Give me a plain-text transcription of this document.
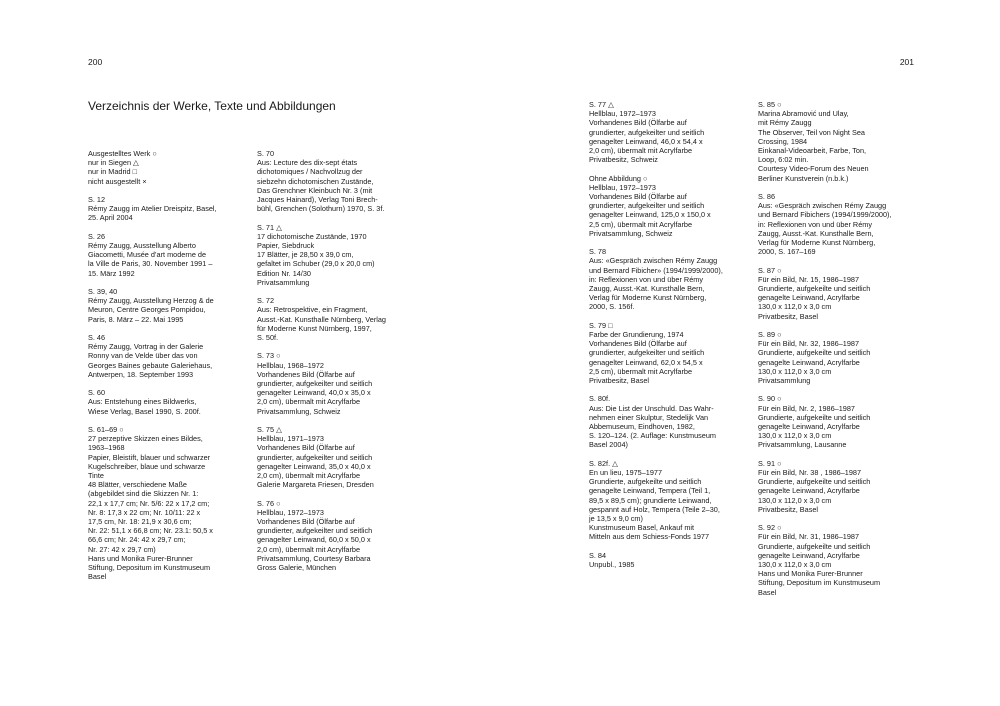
200	201
Verzeichnis der Werke, Texte und Abbildungen
Ausgestelltes Werk ○
nur in Siegen △
nur in Madrid □
nicht ausgestellt ×
S. 12
Rémy Zaugg im Atelier Dreispitz, Basel,
25. April 2004
S. 26
Rémy Zaugg, Ausstellung Alberto
Giacometti, Musée d’art moderne de
la Ville de Paris, 30. November 1991 –
15. März 1992
S. 39, 40
Rémy Zaugg, Ausstellung Herzog & de
Meuron, Centre Georges Pompidou,
Paris, 8. März – 22. Mai 1995
S. 46
Rémy Zaugg, Vortrag in der Galerie
Ronny van de Velde über das von
Georges Baines gebaute Galeriehaus,
Antwerpen, 18. September 1993
S. 60
Aus: Entstehung eines Bildwerks,
Wiese Verlag, Basel 1990, S. 200f.
S. 61–69 ○
27 perzeptive Skizzen eines Bildes,
1963–1968
Papier, Bleistift, blauer und schwarzer
Kugelschreiber, blaue und schwarze
Tinte
48 Blätter, verschiedene Maße
(abgebildet sind die Skizzen Nr. 1:
22,1 x 17,7 cm; Nr. 5/6: 22 x 17,2 cm;
Nr. 8: 17,3 x 22 cm; Nr. 10/11: 22 x
17,5 cm, Nr. 18: 21,9 x 30,6 cm;
Nr. 22: 51,1 x 66,8 cm; Nr. 23.1: 50,5 x
66,6 cm; Nr. 24: 42 x 29,7 cm;
Nr. 27: 42 x 29,7 cm)
Hans und Monika Furer-Brunner
Stiftung, Depositum im Kunstmuseum
Basel
S. 70
Aus: Lecture des dix-sept états
dichotomiques / Nachvollzug der
siebzehn dichotomischen Zustände,
Das Grenchner Kleinbuch Nr. 3 (mit
Jacques Hainard), Verlag Toni Brech-
bühl, Grenchen (Solothurn) 1970, S. 3f.
S. 71 △
17 dichotomische Zustände, 1970
Papier, Siebdruck
17 Blätter, je 28,50 x 39,0 cm,
gefaltet im Schuber (29,0 x 20,0 cm)
Edition Nr. 14/30
Privatsammlung
S. 72
Aus: Retrospektive, ein Fragment,
Ausst.-Kat. Kunsthalle Nürnberg, Verlag
für Moderne Kunst Nürnberg, 1997,
S. 50f.
S. 73 ○
Hellblau, 1968–1972
Vorhandenes Bild (Ölfarbe auf
grundierter, aufgekeilter und seitlich
genagelter Leinwand, 40,0 x 35,0 x
2,0 cm), übermalt mit Acrylfarbe
Privatsammlung, Schweiz
S. 75 △
Hellblau, 1971–1973
Vorhandenes Bild (Ölfarbe auf
grundierter, aufgekeilter und seitlich
genagelter Leinwand, 35,0 x 40,0 x
2,0 cm), übermalt mit Acrylfarbe
Galerie Margareta Friesen, Dresden
S. 76 ○
Hellblau, 1972–1973
Vorhandenes Bild (Ölfarbe auf
grundierter, aufgekeilter und seitlich
genagelter Leinwand, 60,0 x 50,0 x
2,0 cm), übermalt mit Acrylfarbe
Privatsammlung, Courtesy Barbara
Gross Galerie, München
S. 77 △
Hellblau, 1972–1973
Vorhandenes Bild (Ölfarbe auf
grundierter, aufgekeilter und seitlich
genagelter Leinwand, 46,0 x 54,4 x
2,0 cm), übermalt mit Acrylfarbe
Privatbesitz, Schweiz
Ohne Abbildung ○
Hellblau, 1972–1973
Vorhandenes Bild (Ölfarbe auf
grundierter, aufgekeilter und seitlich
genagelter Leinwand, 125,0 x 150,0 x
2,5 cm), übermalt mit Acrylfarbe
Privatsammlung, Schweiz
S. 78
Aus: «Gespräch zwischen Rémy Zaugg
und Bernard Fibicher» (1994/1999/2000),
in: Reflexionen von und über Rémy
Zaugg, Ausst.-Kat. Kunsthalle Bern,
Verlag für Moderne Kunst Nürnberg,
2000, S. 156f.
S. 79 □
Farbe der Grundierung, 1974
Vorhandenes Bild (Ölfarbe auf
grundierter, aufgekeilter und seitlich
genagelter Leinwand, 62,0 x 54,5 x
2,5 cm), übermalt mit Acrylfarbe
Privatbesitz, Basel
S. 80f.
Aus: Die List der Unschuld. Das Wahr-
nehmen einer Skulptur, Stedelijk Van
Abbemuseum, Eindhoven, 1982,
S. 120–124. (2. Auflage: Kunstmuseum
Basel 2004)
S. 82f. △
En un lieu, 1975–1977
Grundierte, aufgekeilte und seitlich
genagelte Leinwand, Tempera (Teil 1,
89,5 x 89,5 cm); grundierte Leinwand,
gespannt auf Holz, Tempera (Teile 2–30,
je 13,5 x 9,0 cm)
Kunstmuseum Basel, Ankauf mit
Mitteln aus dem Schiess-Fonds 1977
S. 84
Unpubl., 1985
S. 85 ○
Marina Abramović und Ulay,
mit Rémy Zaugg
The Observer, Teil von Night Sea
Crossing, 1984
Einkanal-Videoarbeit, Farbe, Ton,
Loop, 6:02 min.
Courtesy Video-Forum des Neuen
Berliner Kunstverein (n.b.k.)
S. 86
Aus: «Gespräch zwischen Rémy Zaugg
und Bernard Fibichers (1994/1999/2000),
in: Reflexionen von und über Rémy
Zaugg, Ausst.-Kat. Kunsthalle Bern,
Verlag für Moderne Kunst Nürnberg,
2000, S. 167–169
S. 87 ○
Für ein Bild, Nr. 15, 1986–1987
Grundierte, aufgekeilte und seitlich
genagelte Leinwand, Acrylfarbe
130,0 x 112,0 x 3,0 cm
Privatbesitz, Basel
S. 89 ○
Für ein Bild, Nr. 32, 1986–1987
Grundierte, aufgekeilte und seitlich
genagelte Leinwand, Acrylfarbe
130,0 x 112,0 x 3,0 cm
Privatsammlung
S. 90 ○
Für ein Bild, Nr. 2, 1986–1987
Grundierte, aufgekeilte und seitlich
genagelte Leinwand, Acrylfarbe
130,0 x 112,0 x 3,0 cm
Privatsammlung, Lausanne
S. 91 ○
Für ein Bild, Nr. 38 , 1986–1987
Grundierte, aufgekeilte und seitlich
genagelte Leinwand, Acrylfarbe
130,0 x 112,0 x 3,0 cm
Privatbesitz, Basel
S. 92 ○
Für ein Bild, Nr. 31, 1986–1987
Grundierte, aufgekeilte und seitlich
genagelte Leinwand, Acrylfarbe
130,0 x 112,0 x 3,0 cm
Hans und Monika Furer-Brunner
Stiftung, Depositum im Kunstmuseum
Basel
